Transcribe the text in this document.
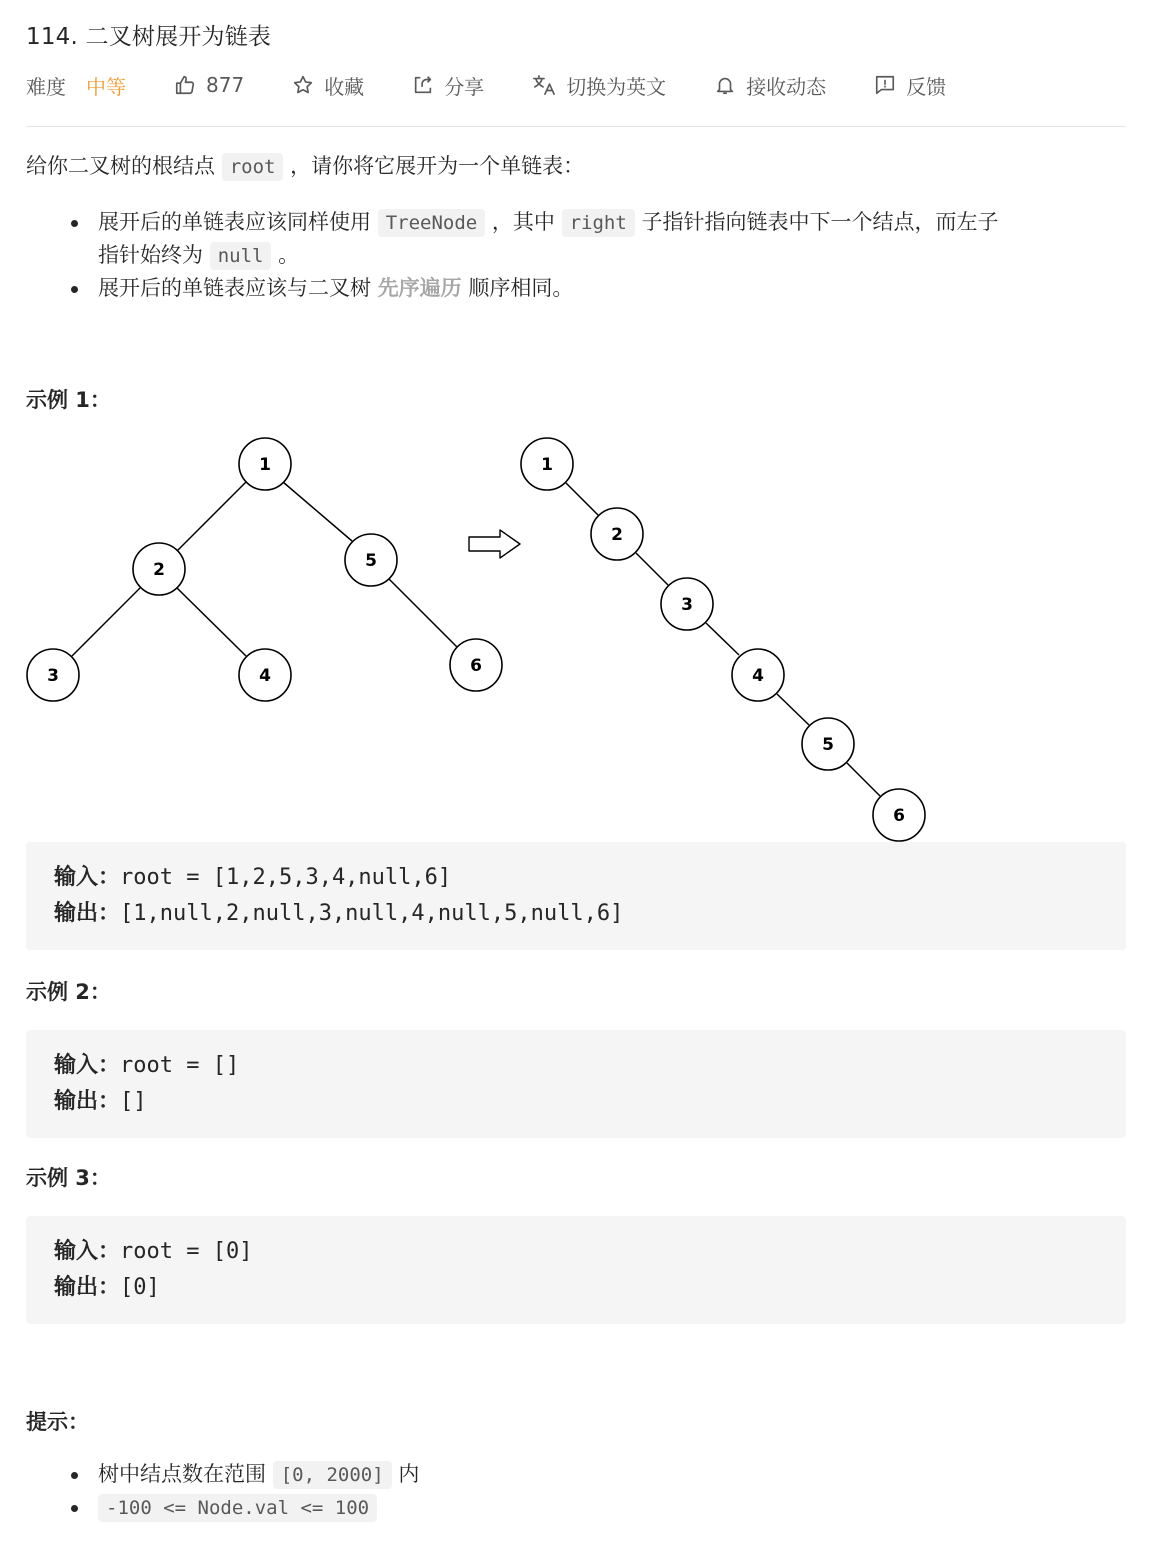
114. 二叉树展开为链表
难度 中等	877	收藏	分享	切换为英文	接收动态	反馈
给你二叉树的根结点 root ，请你将它展开为一个单链表：
展开后的单链表应该同样使用 TreeNode ，其中 right 子指针指向链表中下一个结点，而左子
指针始终为 null 。
展开后的单链表应该与二叉树 先序遍历 顺序相同。
示例 1：
1
2	5
3	4	6
1
2
3
4
5
6
输入：root = [1,2,5,3,4,null,6]
输出：[1,null,2,null,3,null,4,null,5,null,6]
示例 2：
输入：root = []
输出：[]
示例 3：
输入：root = [0]
输出：[0]
提示：
树中结点数在范围 [0, 2000] 内
-100 <= Node.val <= 100
